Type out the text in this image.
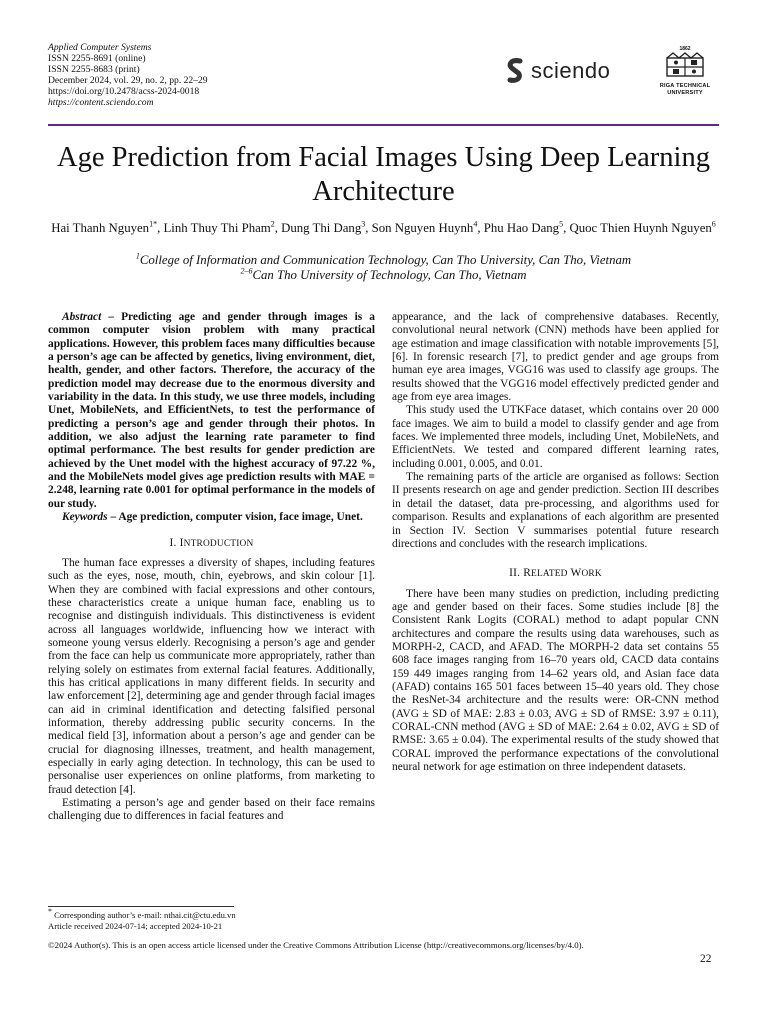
Applied Computer Systems
ISSN 2255-8691 (online)
ISSN 2255-8683 (print)
December 2024, vol. 29, no. 2, pp. 22–29
https://doi.org/10.2478/acss-2024-0018
https://content.sciendo.com
sciendo
1862
RIGA TECHNICAL
UNIVERSITY
Age Prediction from Facial Images Using Deep Learning Architecture
Hai Thanh Nguyen$^{1*}$, Linh Thuy Thi Pham$^2$, Dung Thi Dang$^3$, Son Nguyen Huynh$^4$, Phu Hao Dang$^5$, Quoc Thien Huynh Nguyen$^6$
$^1$College of Information and Communication Technology, Can Tho University, Can Tho, Vietnam
$^{2-6}$Can Tho University of Technology, Can Tho, Vietnam

Abstract – Predicting age and gender through images is a common computer vision problem with many practical applications. However, this problem faces many difficulties because a person’s age can be affected by genetics, living environment, diet, health, gender, and other factors. Therefore, the accuracy of the prediction model may decrease due to the enormous diversity and variability in the data. In this study, we use three models, including Unet, MobileNets, and EfficientNets, to test the performance of predicting a person’s age and gender through their photos. In addition, we also adjust the learning rate parameter to find optimal performance. The best results for gender prediction are achieved by the Unet model with the highest accuracy of 97.22 %, and the MobileNets model gives age prediction results with MAE = 2.248, learning rate 0.001 for optimal performance in the models of our study.

Keywords – Age prediction, computer vision, face image, Unet.

I. INTRODUCTION

The human face expresses a diversity of shapes, including features such as the eyes, nose, mouth, chin, eyebrows, and skin colour [1]. When they are combined with facial expressions and other contours, these characteristics create a unique human face, enabling us to recognise and distinguish individuals. This distinctiveness is evident across all languages worldwide, influencing how we interact with someone young versus elderly. Recognising a person’s age and gender from the face can help us communicate more appropriately, rather than relying solely on estimates from external facial features. Additionally, this has critical applications in many different fields. In security and law enforcement [2], determining age and gender through facial images can aid in criminal identification and detecting falsified personal information, thereby addressing public security concerns. In the medical field [3], information about a person’s age and gender can be crucial for diagnosing illnesses, treatment, and health management, especially in early aging detection. In technology, this can be used to personalise user experiences on online platforms, from marketing to fraud detection [4].

Estimating a person’s age and gender based on their face remains challenging due to differences in facial features and

appearance, and the lack of comprehensive databases. Recently, convolutional neural network (CNN) methods have been applied for age estimation and image classification with notable improvements [5], [6]. In forensic research [7], to predict gender and age groups from human eye area images, VGG16 was used to classify age groups. The results showed that the VGG16 model effectively predicted gender and age from eye area images.

This study used the UTKFace dataset, which contains over 20 000 face images. We aim to build a model to classify gender and age from faces. We implemented three models, including Unet, MobileNets, and EfficientNets. We tested and compared different learning rates, including 0.001, 0.005, and 0.01.

The remaining parts of the article are organised as follows: Section II presents research on age and gender prediction. Section III describes in detail the dataset, data pre-processing, and algorithms used for comparison. Results and explanations of each algorithm are presented in Section IV. Section V summarises potential future research directions and concludes with the research implications.

II. RELATED WORK

There have been many studies on prediction, including predicting age and gender based on their faces. Some studies include [8] the Consistent Rank Logits (CORAL) method to adapt popular CNN architectures and compare the results using data warehouses, such as MORPH-2, CACD, and AFAD. The MORPH-2 data set contains 55 608 face images ranging from 16–70 years old, CACD data contains 159 449 images ranging from 14–62 years old, and Asian face data (AFAD) contains 165 501 faces between 15–40 years old. They chose the ResNet-34 architecture and the results were: OR-CNN method (AVG ± SD of MAE: 2.83 ± 0.03, AVG ± SD of RMSE: 3.97 ± 0.11), CORAL-CNN method (AVG ± SD of MAE: 2.64 ± 0.02, AVG ± SD of RMSE: 3.65 ± 0.04). The experimental results of the study showed that CORAL improved the performance expectations of the convolutional neural network for age estimation on three independent datasets.

* Corresponding author’s e-mail: nthai.cit@ctu.edu.vn
Article received 2024-07-14; accepted 2024-10-21
©2024 Author(s). This is an open access article licensed under the Creative Commons Attribution License (http://creativecommons.org/licenses/by/4.0).
22
